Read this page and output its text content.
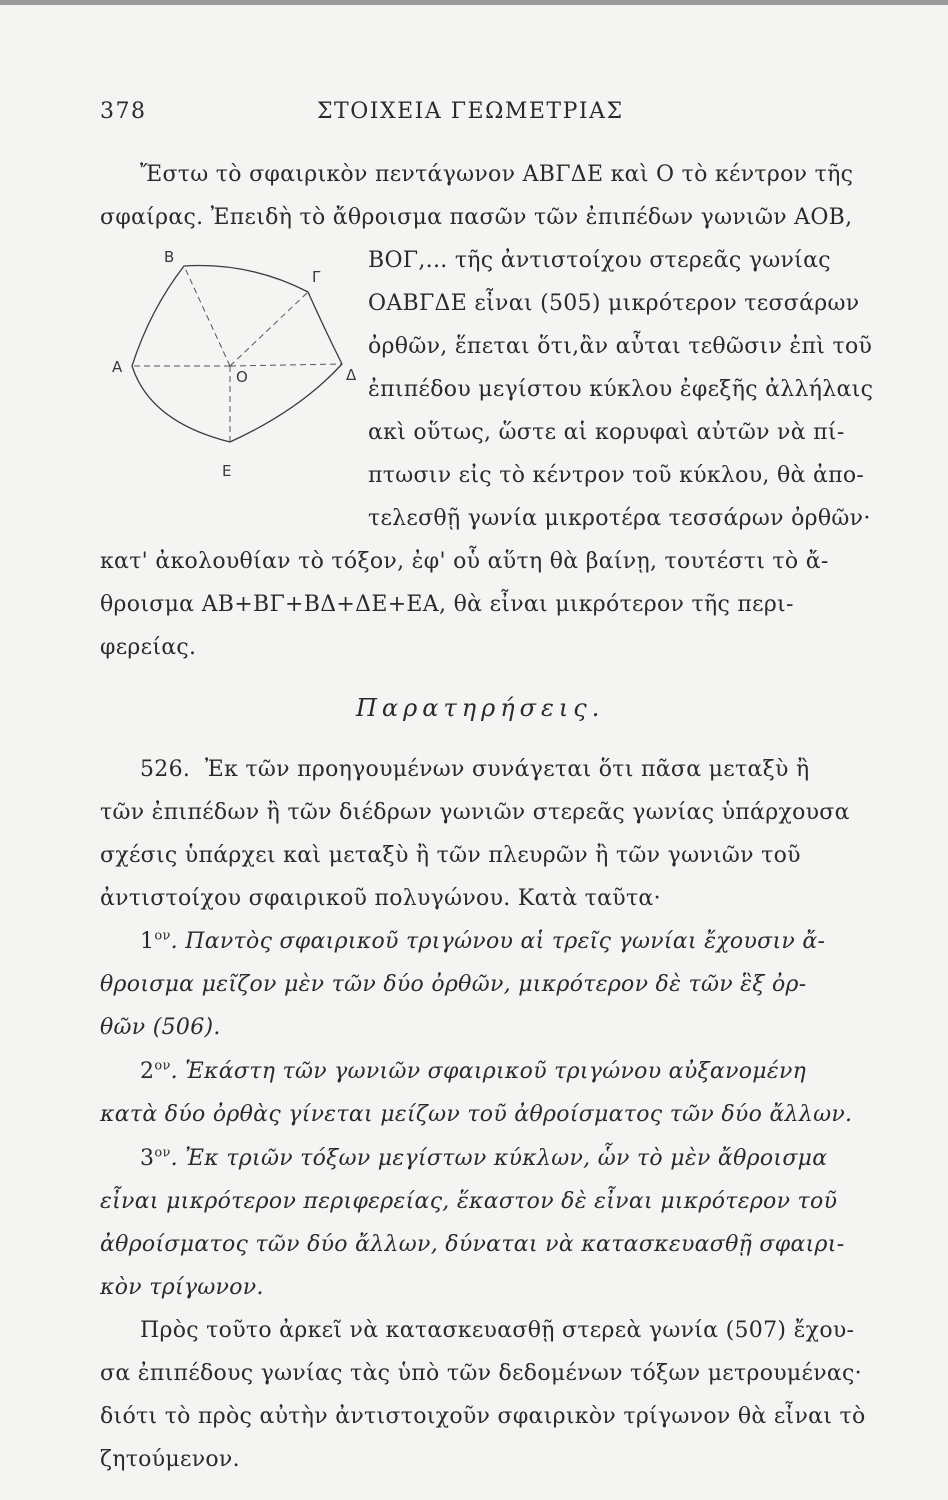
378	ΣΤΟΙΧΕΙΑ ΓΕΩΜΕΤΡΙΑΣ
B
Γ
Α
O	Δ
E
Ἔστω τὸ σφαιρικὸν πεντάγωνον ΑΒΓΔΕ καὶ Ο τὸ κέντρον τῆς
σφαίρας. Ἐπειδὴ τὸ ἄθροισμα πασῶν τῶν ἐπιπέδων γωνιῶν ΑΟΒ,
ΒΟΓ,... τῆς ἀντιστοίχου στερεᾶς γωνίας
ΟΑΒΓΔΕ εἶναι (505) μικρότερον τεσσάρων
ὀρθῶν, ἕπεται ὅτι,ἂν αὗται τεθῶσιν ἐπὶ τοῦ
ἐπιπέδου μεγίστου κύκλου ἐφεξῆς ἀλλήλαις
ακὶ οὕτως, ὥστε αἱ κορυφαὶ αὐτῶν νὰ πί-
πτωσιν εἰς τὸ κέντρον τοῦ κύκλου, θὰ ἀπο-
τελεσθῇ γωνία μικροτέρα τεσσάρων ὀρθῶν·
κατ' ἀκολουθίαν τὸ τόξον, ἐφ' οὗ αὕτη θὰ βαίνῃ, τουτέστι τὸ ἄ-
θροισμα ΑΒ+ΒΓ+ΒΔ+ΔΕ+ΕΑ, θὰ εἶναι μικρότερον τῆς περι-
φερείας.
Παρατηρήσεις.
526. Ἐκ τῶν προηγουμένων συνάγεται ὅτι πᾶσα μεταξὺ ἢ
τῶν ἐπιπέδων ἢ τῶν διέδρων γωνιῶν στερεᾶς γωνίας ὑπάρχουσα
σχέσις ὑπάρχει καὶ μεταξὺ ἢ τῶν πλευρῶν ἢ τῶν γωνιῶν τοῦ
ἀντιστοίχου σφαιρικοῦ πολυγώνου. Κατὰ ταῦτα·
$1^{o\nu}$. Παντὸς σφαιρικοῦ τριγώνου αἱ τρεῖς γωνίαι ἔχουσιν ἄ-
θροισμα μεῖζον μὲν τῶν δύο ὀρθῶν, μικρότερον δὲ τῶν ἓξ ὀρ-
θῶν (506).
$2^{o\nu}$. Ἑκάστη τῶν γωνιῶν σφαιρικοῦ τριγώνου αὐξανομένη
κατὰ δύο ὀρθὰς γίνεται μείζων τοῦ ἀθροίσματος τῶν δύο ἄλλων.
$3^{o\nu}$. Ἐκ τριῶν τόξων μεγίστων κύκλων, ὧν τὸ μὲν ἄθροισμα
εἶναι μικρότερον περιφερείας, ἕκαστον δὲ εἶναι μικρότερον τοῦ
ἀθροίσματος τῶν δύο ἄλλων, δύναται νὰ κατασκευασθῇ σφαιρι-
κὸν τρίγωνον.
Πρὸς τοῦτο ἀρκεῖ νὰ κατασκευασθῇ στερεὰ γωνία (507) ἔχου-
σα ἐπιπέδους γωνίας τὰς ὑπὸ τῶν δεδομένων τόξων μετρουμένας·
διότι τὸ πρὸς αὐτὴν ἀντιστοιχοῦν σφαιρικὸν τρίγωνον θὰ εἶναι τὸ
ζητούμενον.
